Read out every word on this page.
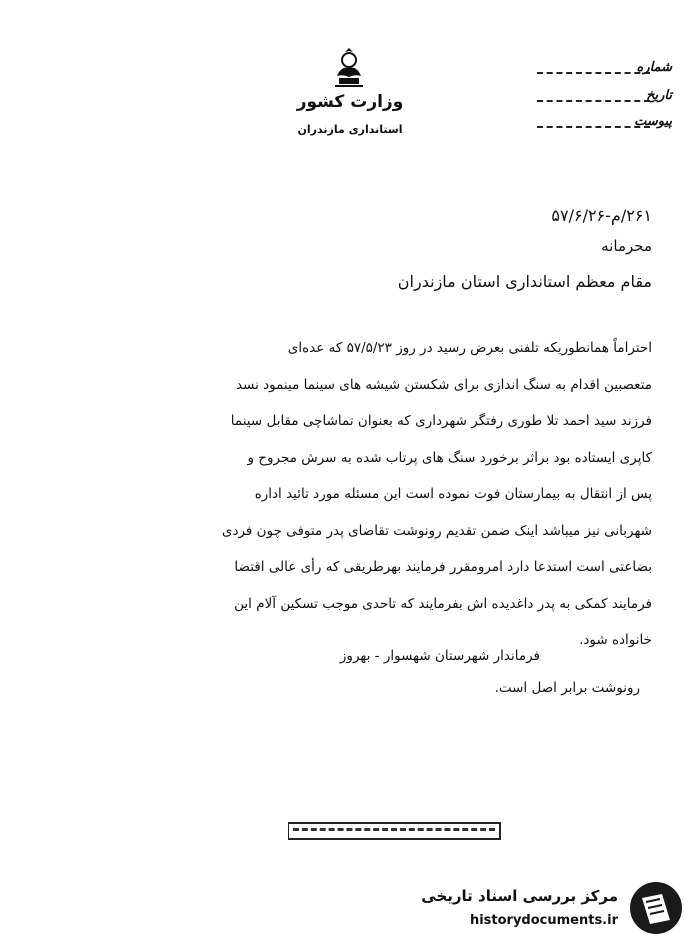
وزارت کشور
استانداری مازندران
شماره
تاریخ
پیوست
۲۶۱/م-۵۷/۶/۲۶
محرمانه
مقام معظم استانداری استان مازندران
احتراماً همانطوریکه تلفنی بعرض رسید در روز ۵۷/۵/۲۳ که عده‌ای
متعصبین اقدام به سنگ اندازی برای شکستن شیشه های سینما مینمود نسد
فرزند سید احمد تلا طوری رفتگر شهرداری که بعنوان تماشاچی مقابل سینما
کاپری ایستاده بود براثر برخورد سنگ های پرتاب شده به سرش مجروح و
پس از انتقال به بیمارستان فوت نموده است این مسئله مورد تائید اداره
شهربانی نیز میباشد اینک ضمن تقدیم رونوشت تقاضای پدر متوفی چون فردی
بضاعتی است استدعا دارد امرومقرر فرمایند بهرطریقی که رأی عالی اقتضا
فرمایند کمکی به پدر داغدیده اش بفرمایند که تاحدی موجب تسکین آلام این
خانواده شود.
فرماندار شهرستان شهسوار - بهروز
رونوشت برابر اصل است.
مرکز بررسی اسناد تاریخی
historydocuments.ir
